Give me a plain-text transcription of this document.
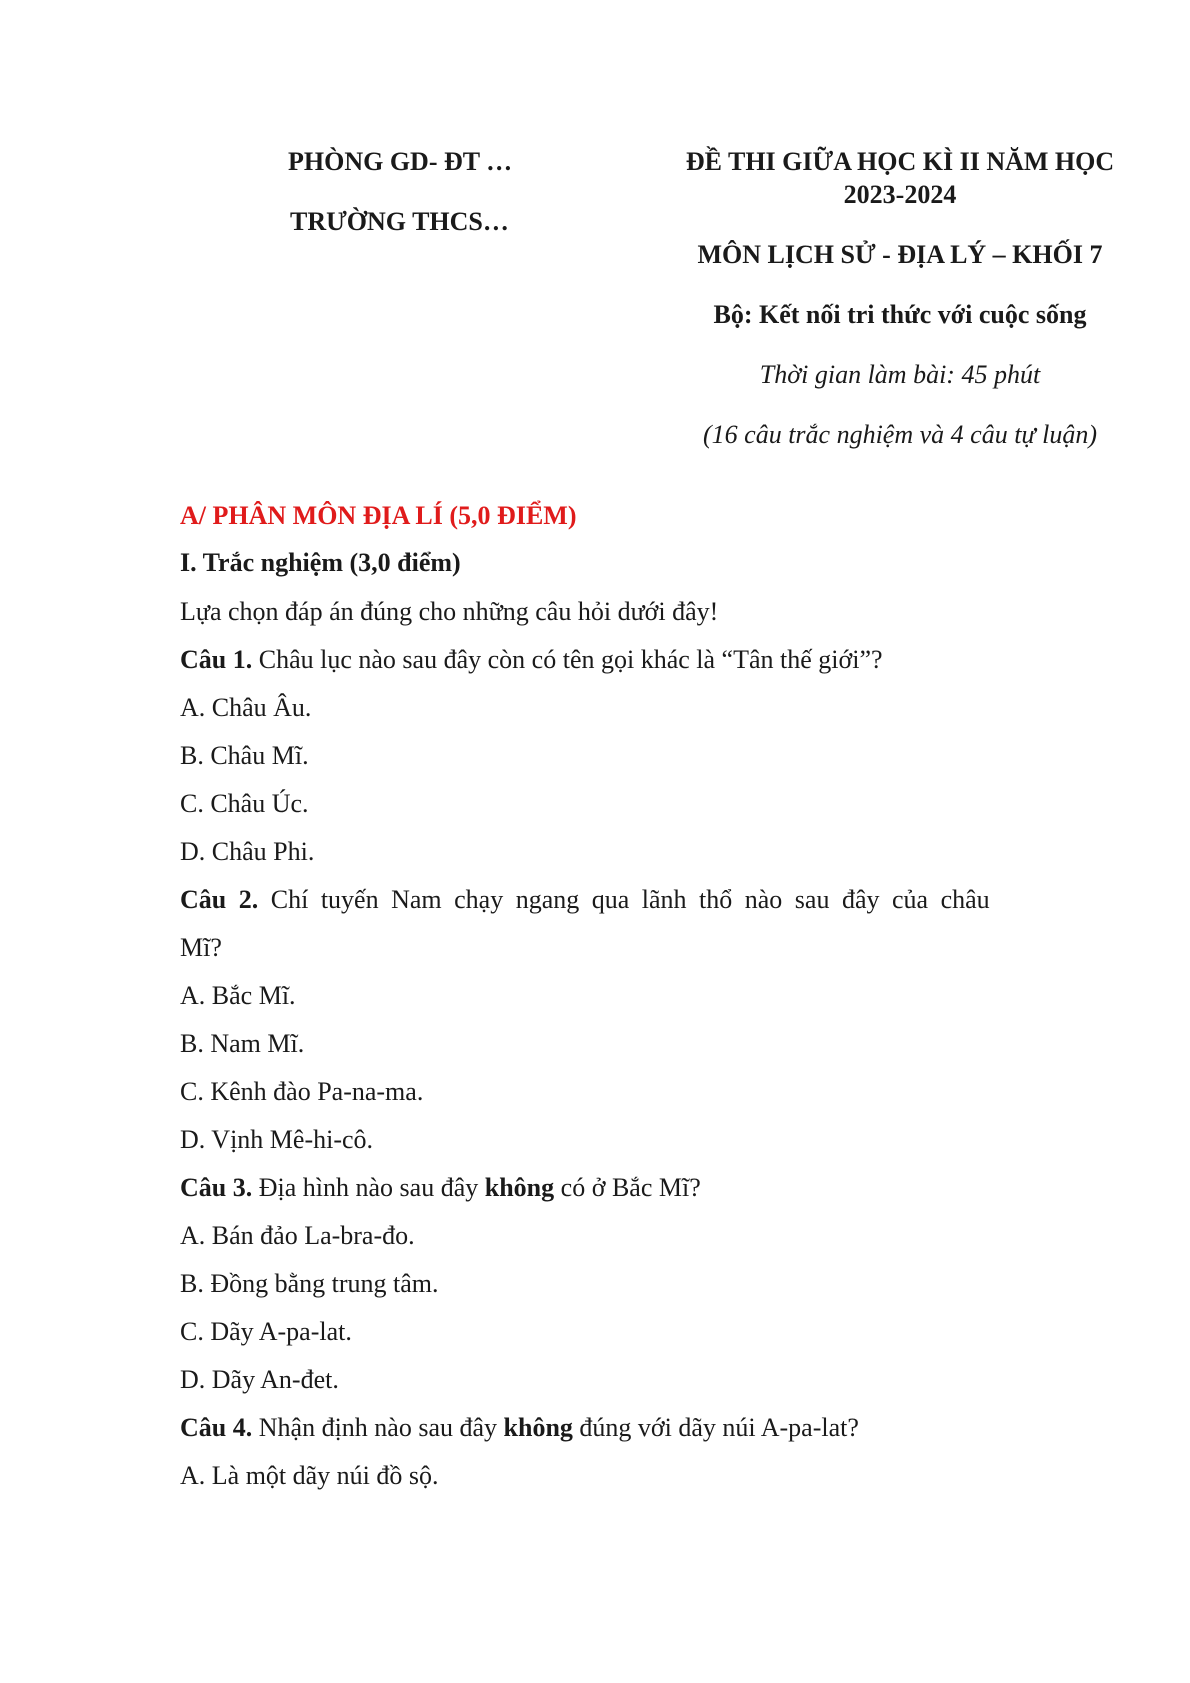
PHÒNG GD- ĐT …
TRƯỜNG THCS…
ĐỀ THI GIỮA HỌC KÌ II NĂM HỌC
2023-2024
MÔN LỊCH SỬ - ĐỊA LÝ – KHỐI 7
Bộ: Kết nối tri thức với cuộc sống
Thời gian làm bài: 45 phút
(16 câu trắc nghiệm và 4 câu tự luận)
A/ PHÂN MÔN ĐỊA LÍ (5,0 ĐIỂM)
I. Trắc nghiệm (3,0 điểm)
Lựa chọn đáp án đúng cho những câu hỏi dưới đây!
Câu 1. Châu lục nào sau đây còn có tên gọi khác là “Tân thế giới”?
A. Châu Âu.
B. Châu Mĩ.
C. Châu Úc.
D. Châu Phi.
Câu 2. Chí tuyến Nam chạy ngang qua lãnh thổ nào sau đây của châu
Mĩ?
A. Bắc Mĩ.
B. Nam Mĩ.
C. Kênh đào Pa-na-ma.
D. Vịnh Mê-hi-cô.
Câu 3. Địa hình nào sau đây không có ở Bắc Mĩ?
A. Bán đảo La-bra-đo.
B. Đồng bằng trung tâm.
C. Dãy A-pa-lat.
D. Dãy An-đet.
Câu 4. Nhận định nào sau đây không đúng với dãy núi A-pa-lat?
A. Là một dãy núi đồ sộ.
